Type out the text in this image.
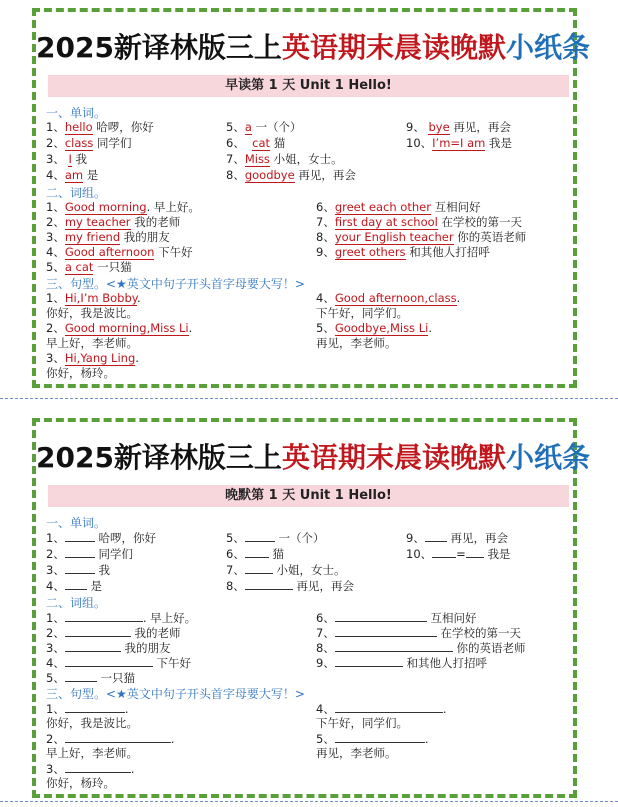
2025新译林版三上英语期末晨读晚默小纸条
早读第 1 天 Unit 1 Hello!
一、单词。
1、hello 哈啰，你好
2、class 同学们
3、 I 我
4、am 是
5、a 一（个）
6、 cat 猫
7、Miss 小姐，女士。
8、goodbye 再见，再会
9、 bye 再见，再会
10、I’m=I am 我是
二、词组。
1、Good morning. 早上好。
2、my teacher 我的老师
3、my friend 我的朋友
4、Good afternoon 下午好
5、a cat 一只猫
6、greet each other 互相问好
7、first day at school 在学校的第一天
8、your English teacher 你的英语老师
9、greet others 和其他人打招呼
三、句型。<★英文中句子开头首字母要大写！>
1、Hi,I’m Bobby.
你好，我是波比。
2、Good morning,Miss Li.
早上好，李老师。
3、Hi,Yang Ling.
你好，杨玲。
4、Good afternoon,class.
下午好，同学们。
5、Goodbye,Miss Li.
再见，李老师。
2025新译林版三上英语期末晨读晚默小纸条
晚默第 1 天 Unit 1 Hello!
一、单词。
1、	哈啰，你好
2、	同学们
3、	我
4、 是
5、	一（个）
6、 猫
7、	小姐，女士。
8、	再见，再会
9、 再见，再会
10、 = 我是
二、词组。
1、	. 早上好。
2、	我的老师
3、	我的朋友
4、	下午好
5、	一只猫
6、	互相问好
7、	在学校的第一天
8、	你的英语老师
9、	和其他人打招呼
三、句型。<★英文中句子开头首字母要大写！>
1、	.
你好，我是波比。
2、	.
早上好，李老师。
3、	.
你好，杨玲。
4、	.
下午好，同学们。
5、	.
再见，李老师。
